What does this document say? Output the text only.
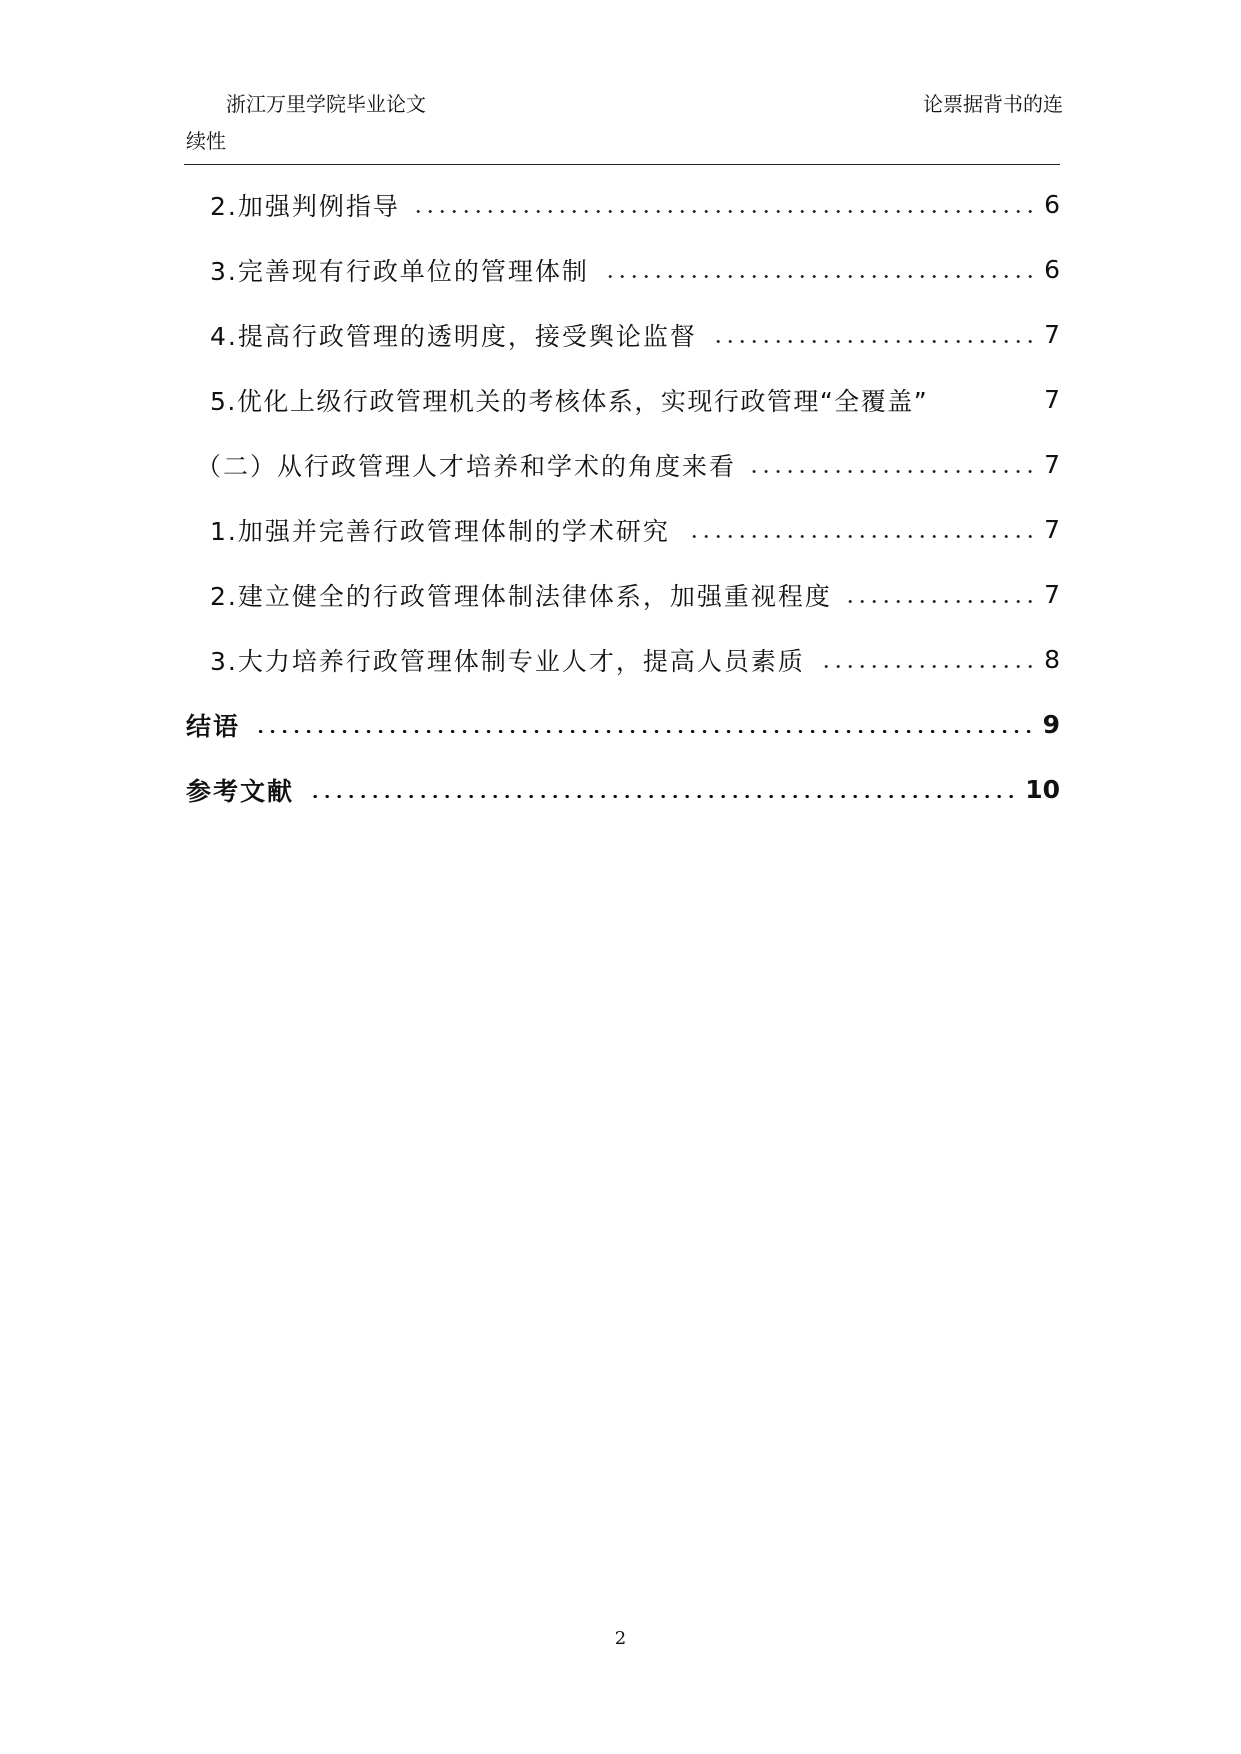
浙江万里学院毕业论文	论票据背书的连
续性
2.加强判例指导	6
3.完善现有行政单位的管理体制	6
4.提高行政管理的透明度，接受舆论监督	7
5.优化上级行政管理机关的考核体系，实现行政管理“全覆盖”	7
（二）从行政管理人才培养和学术的角度来看	7
1.加强并完善行政管理体制的学术研究	7
2.建立健全的行政管理体制法律体系，加强重视程度	7
3.大力培养行政管理体制专业人才，提高人员素质	8
结语	9
参考文献	10
2
